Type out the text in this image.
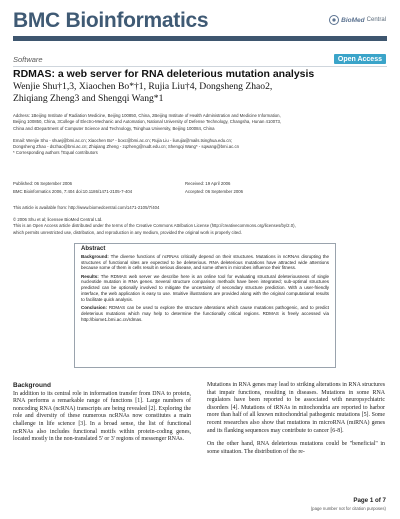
BMC Bioinformatics	BioMed Central
Software	Open Access
RDMAS: a web server for RNA deleterious mutation analysis
Wenjie Shu†1,3, Xiaochen Bo*†1, Rujia Liu†4, Dongsheng Zhao2,
Zhiqiang Zheng3 and Shengqi Wang*1
Address: 1Beijing Institute of Radiation Medicine, Beijing 100850, China, 2Beijing Institute of Health Administration and Medicine Information,
Beijing 100850, China, 3College of Electro-Mechanic and Automation, National University of Defense Technology, Changsha, Hunan 410073,
China and 4Department of Computer Science and Technology, Tsinghua University, Beijing 100084, China
Email: Wenjie Shu - shuwj@bmi.ac.cn; Xiaochen Bo* - boxc@bmi.ac.cn; Rujia Liu - liurujia@mails.tsinghua.edu.cn;
Dongsheng Zhao - dszhao@bmi.ac.cn; Zhiqiang Zheng - zqzheng@nudt.edu.cn; Shengqi Wang* - sqwang@bmi.ac.cn
* Corresponding authors †Equal contributors
Published: 06 September 2006
BMC Bioinformatics 2006, 7:404 doi:10.1186/1471-2105-7-404
Received: 19 April 2006
Accepted: 06 September 2006
This article is available from: http://www.biomedcentral.com/1471-2105/7/404
© 2006 Shu et al; licensee BioMed Central Ltd.
This is an Open Access article distributed under the terms of the Creative Commons Attribution License (http://creativecommons.org/licenses/by/2.0),
which permits unrestricted use, distribution, and reproduction in any medium, provided the original work is properly cited.
Abstract

Background: The diverse functions of ncRNAs critically depend on their structures. Mutations in ncRNAs disrupting the structures of functional sites are expected to be deleterious. RNA deleterious mutations have attracted wide attentions because some of them in cells result in serious disease, and some others in microbes influence their fitness.

Results: The RDMAS web server we describe here is an online tool for evaluating structural deleteriousness of single nucleotide mutation in RNA genes. Several structure comparison methods have been integrated; sub-optimal structures predicted can be optionally involved to mitigate the uncertainty of secondary structure prediction. With a user-friendly interface, the web application is easy to use. Intuitive illustrations are provided along with the original computational results to facilitate quick analysis.

Conclusion: RDMAS can be used to explore the structure alterations which cause mutations pathogenic, and to predict deleterious mutations which may help to determine the functionally critical regions. RDMAS is freely accessed via http://biome1.bmi.ac.cn/rdmas.

Background

In addition to its central role in information transfer from DNA to protein, RNA performs a remarkable range of functions [1]. Large numbers of noncoding RNA (ncRNA) transcripts are being revealed [2]. Exploring the role and diversity of these numerous ncRNAs now constitutes a main challenge in life science [3]. In a broad sense, the list of functional ncRNAs also includes functional motifs within protein-coding genes, located mostly in the non-translated 5' or 3' regions of messenger RNAs.

Mutations in RNA genes may lead to striking alterations in RNA structures that impair functions, resulting in diseases. Mutations in some RNA regulators have been reported to be associated with neuropsychiatric disorders [4]. Mutations of tRNAs in mitochondria are reported to harbor more than half of all known mitochondrial pathogenic mutations [5]. Some recent researches also show that mutations in microRNA (miRNA) genes and its flanking sequences may contribute to cancer [6-8].

On the other hand, RNA deleterious mutations could be "beneficial" in some situation. The distribution of the re-

Page 1 of 7
(page number not for citation purposes)
